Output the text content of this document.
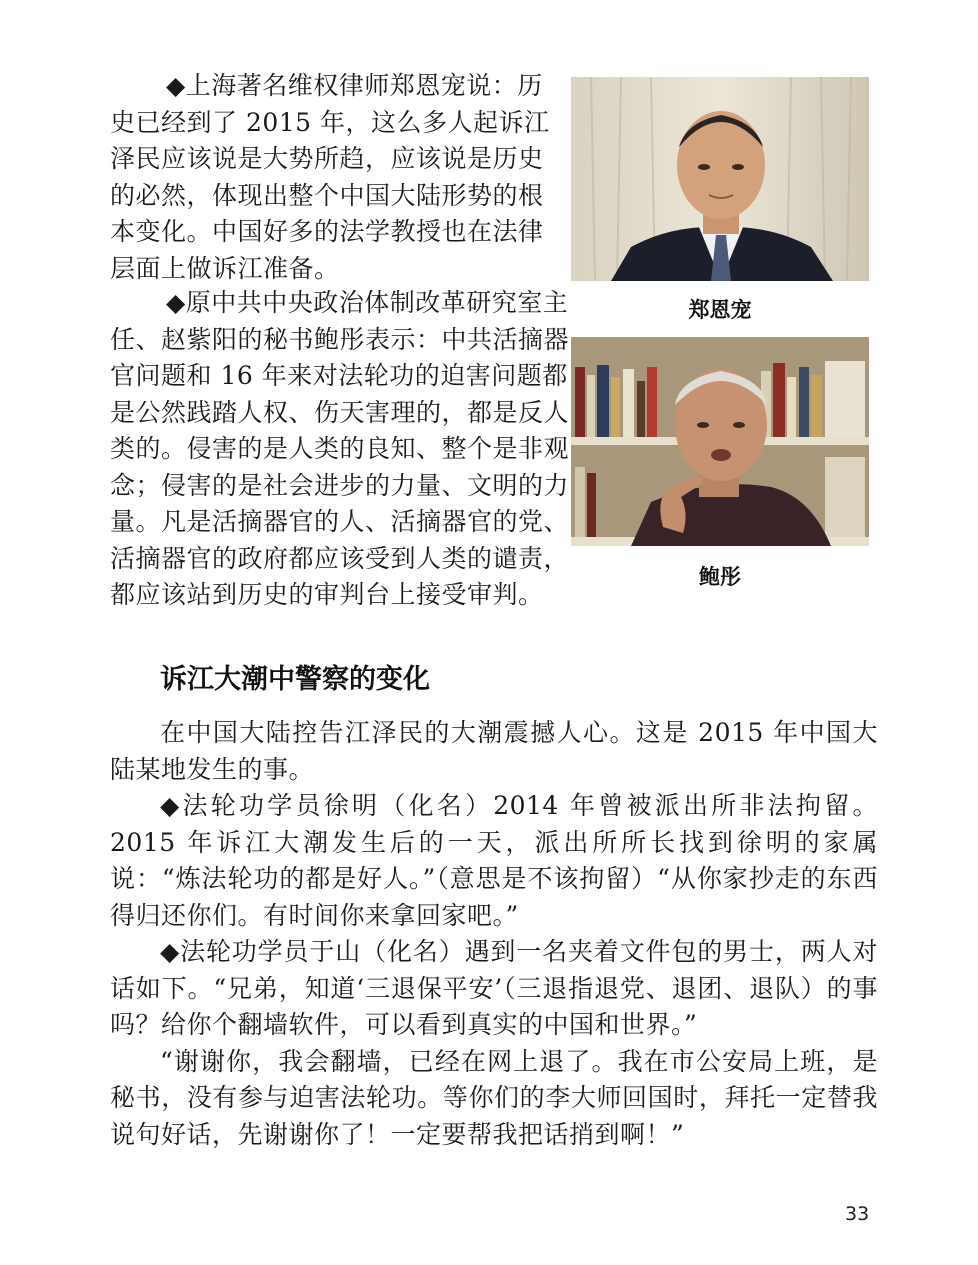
◆上海著名维权律师郑恩宠说：历史已经到了 2015 年，这么多人起诉江泽民应该说是大势所趋，应该说是历史的必然，体现出整个中国大陆形势的根本变化。中国好多的法学教授也在法律层面上做诉江准备。

◆原中共中央政治体制改革研究室主任、赵紫阳的秘书鲍彤表示：中共活摘器官问题和 16 年来对法轮功的迫害问题都是公然践踏人权、伤天害理的，都是反人类的。侵害的是人类的良知、整个是非观念；侵害的是社会进步的力量、文明的力量。凡是活摘器官的人、活摘器官的党、活摘器官的政府都应该受到人类的谴责，都应该站到历史的审判台上接受审判。

郑恩宠

鲍彤

诉江大潮中警察的变化

在中国大陆控告江泽民的大潮震撼人心。这是 2015 年中国大陆某地发生的事。

◆法轮功学员徐明（化名）2014 年曾被派出所非法拘留。2015 年诉江大潮发生后的一天，派出所所长找到徐明的家属说：“炼法轮功的都是好人。”（意思是不该拘留）“从你家抄走的东西得归还你们。有时间你来拿回家吧。”

◆法轮功学员于山（化名）遇到一名夹着文件包的男士，两人对话如下。“兄弟，知道‘三退保平安’（三退指退党、退团、退队）的事吗？给你个翻墙软件，可以看到真实的中国和世界。”

“谢谢你，我会翻墙，已经在网上退了。我在市公安局上班，是秘书，没有参与迫害法轮功。等你们的李大师回国时，拜托一定替我说句好话，先谢谢你了！一定要帮我把话捎到啊！”

33
